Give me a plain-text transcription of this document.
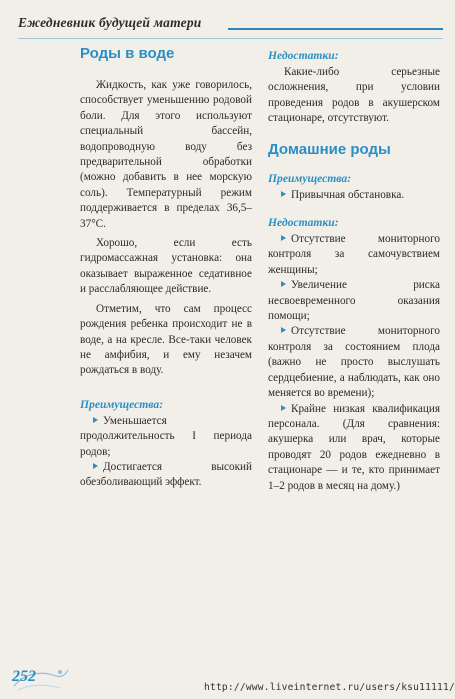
Ежедневник будущей матери
Роды в воде

Жидкость, как уже говорилось, способствует уменьшению родовой боли. Для этого используют специальный бассейн, водопроводную воду без предварительной обработки (можно добавить в нее морскую соль). Температурный режим поддерживается в пределах 36,5–37°С.

Хорошо, если есть гидромассажная установка: она оказывает выраженное седативное и расслабляющее действие.

Отметим, что сам процесс рождения ребенка происходит не в воде, а на кресле. Все-таки человек не амфибия, и ему незачем рождаться в воду.

Преимущества:

Уменьшается продолжительность I периода родов;

Достигается высокий обезболивающий эффект.

Недостатки:

Какие-либо серьезные осложнения, при условии проведения родов в акушерском стационаре, отсутствуют.

Домашние роды
Преимущества:

Привычная обстановка.

Недостатки:

Отсутствие мониторного контроля за самочувствием женщины;

Увеличение риска несвоевременного оказания помощи;

Отсутствие мониторного контроля за состоянием плода (важно не просто выслушать сердцебиение, а наблюдать, как оно меняется во времени);

Крайне низкая квалификация персонала. (Для сравнения: акушерка или врач, которые проводят 20 родов ежедневно в стационаре — и те, кто принимает 1–2 родов в месяц на дому.)

252
http://www.liveinternet.ru/users/ksu11111/
